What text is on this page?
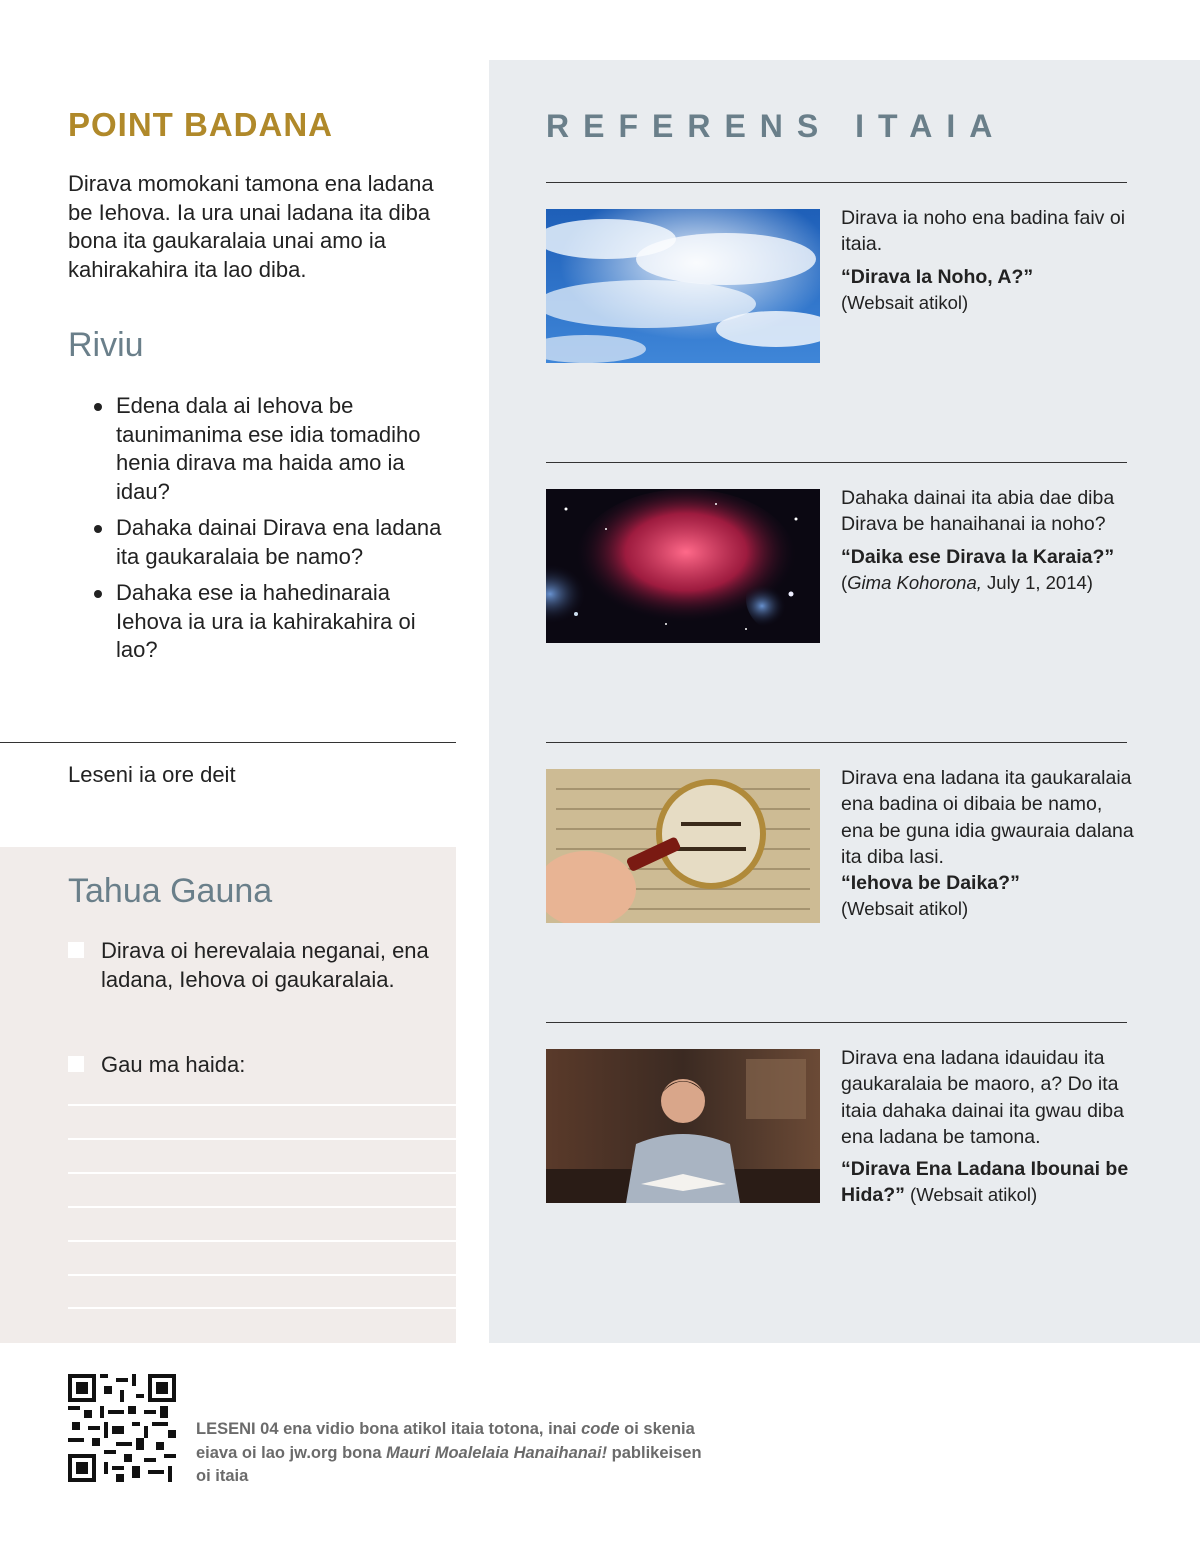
POINT BADANA
Dirava momokani tamona ena ladana be Iehova. Ia ura unai ladana ita diba bona ita gaukaralaia unai amo ia kahirakahira ita lao diba.
Riviu
Edena dala ai Iehova be taunimanima ese idia tomadiho henia dirava ma haida amo ia idau?
Dahaka dainai Dirava ena ladana ita gaukaralaia be namo?
Dahaka ese ia hahedinaraia Iehova ia ura ia kahirakahira oi lao?
Leseni ia ore deit
Tahua Gauna
Dirava oi herevalaia neganai, ena ladana, Iehova oi gaukaralaia.
Gau ma haida:
REFERENS ITAIA
Dirava ia noho ena badina faiv oi itaia.
“Dirava Ia Noho, A?”
(Websait atikol)
Dahaka dainai ita abia dae diba Dirava be hanaihanai ia noho?
“Daika ese Dirava Ia Karaia?”
(Gima Kohorona, July 1, 2014)
Dirava ena ladana ita gaukaralaia ena badina oi dibaia be namo, ena be guna idia gwauraia dalana ita diba lasi.
“Iehova be Daika?”
(Websait atikol)
Dirava ena ladana idauidau ita gaukaralaia be maoro, a? Do ita itaia dahaka dainai ita gwau diba ena ladana be tamona.
“Dirava Ena Ladana Ibounai be Hida?” (Websait atikol)
LESENI 04 ena vidio bona atikol itaia totona, inai code oi skenia eiava oi lao jw.org bona Mauri Moalelaia Hanaihanai! pablikeisen oi itaia
